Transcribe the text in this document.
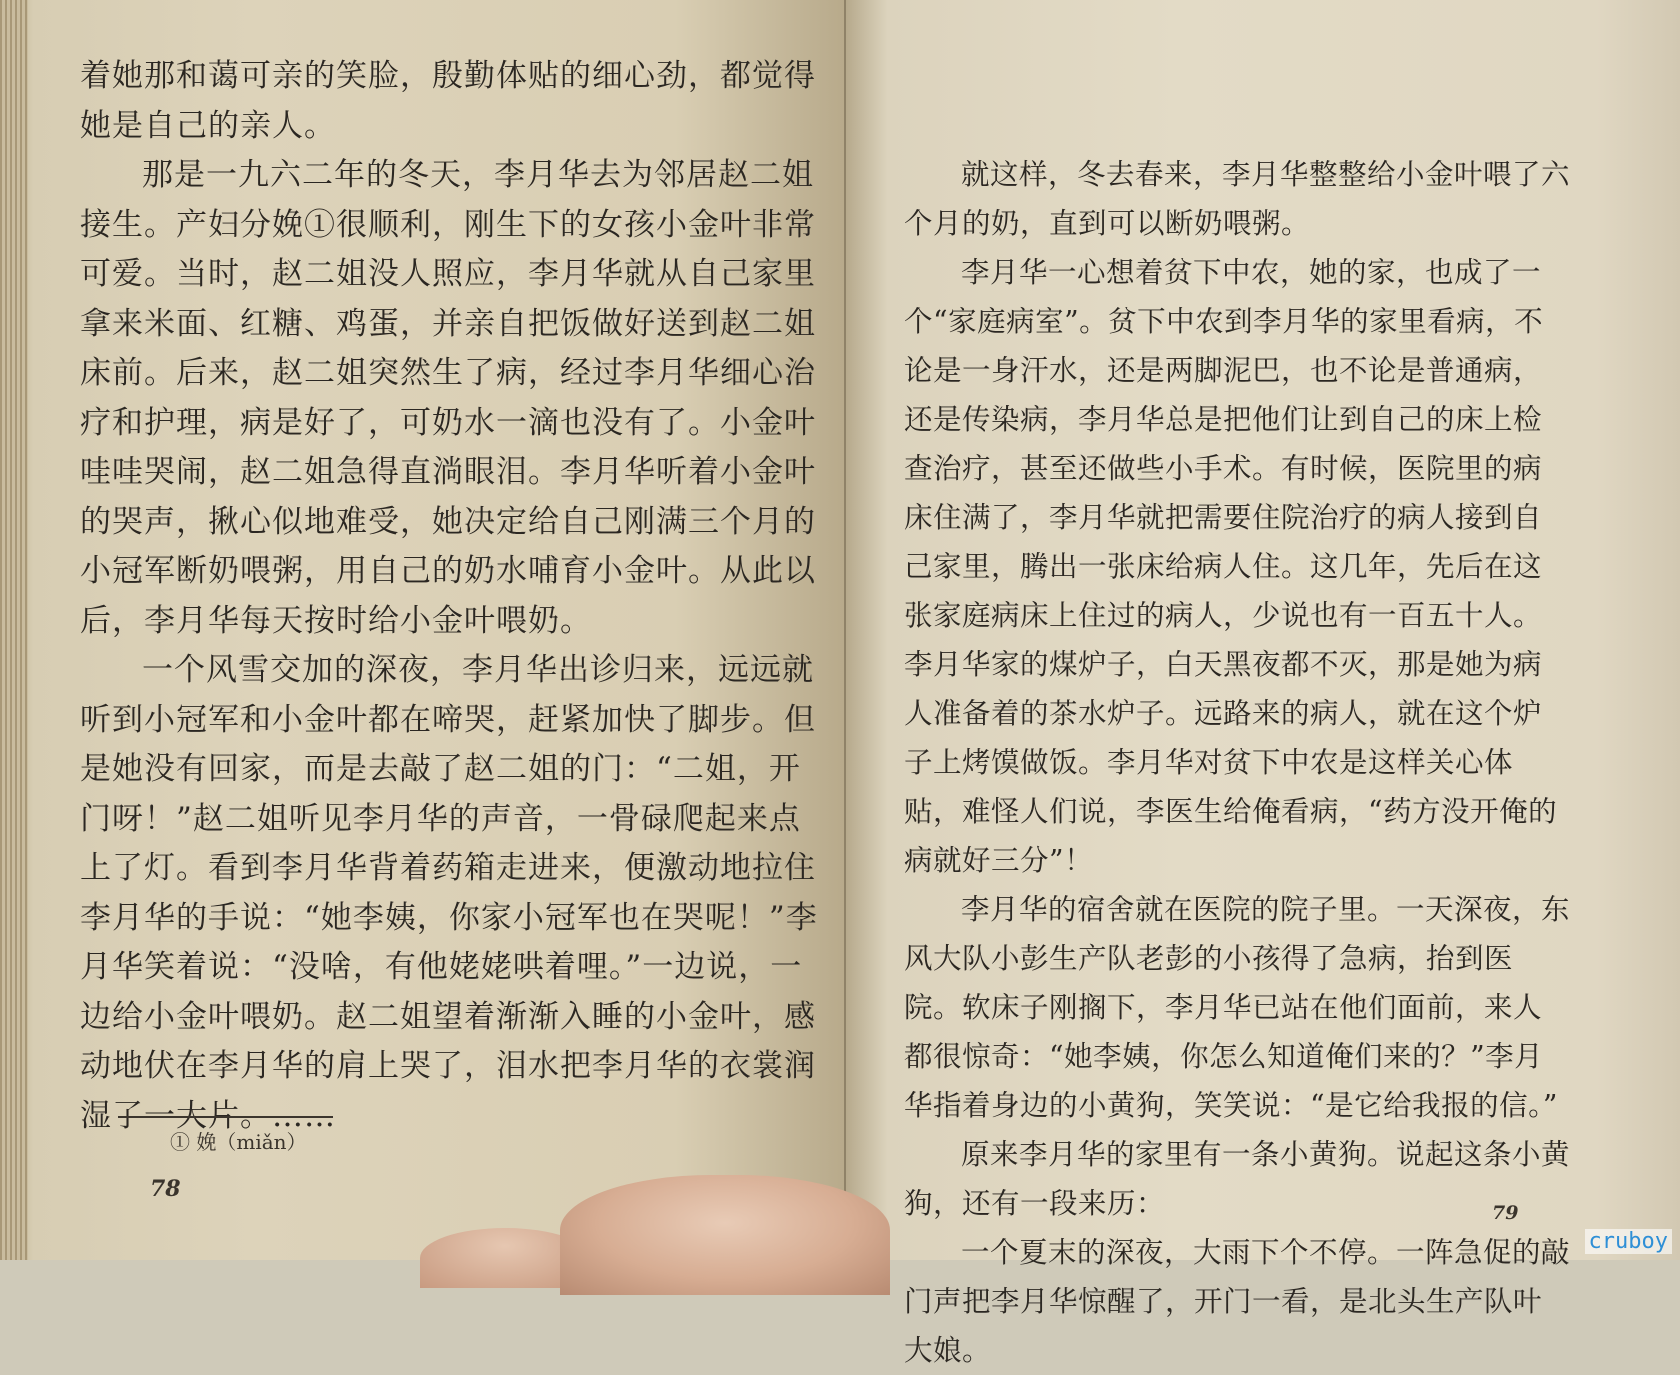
着她那和蔼可亲的笑脸，殷勤体贴的细心劲，都觉得她是自己的亲人。

那是一九六二年的冬天，李月华去为邻居赵二姐接生。产妇分娩①很顺利，刚生下的女孩小金叶非常可爱。当时，赵二姐没人照应，李月华就从自己家里拿来米面、红糖、鸡蛋，并亲自把饭做好送到赵二姐床前。后来，赵二姐突然生了病，经过李月华细心治疗和护理，病是好了，可奶水一滴也没有了。小金叶哇哇哭闹，赵二姐急得直淌眼泪。李月华听着小金叶的哭声，揪心似地难受，她决定给自己刚满三个月的小冠军断奶喂粥，用自己的奶水哺育小金叶。从此以后，李月华每天按时给小金叶喂奶。

一个风雪交加的深夜，李月华出诊归来，远远就听到小冠军和小金叶都在啼哭，赶紧加快了脚步。但是她没有回家，而是去敲了赵二姐的门：“二姐，开门呀！”赵二姐听见李月华的声音，一骨碌爬起来点上了灯。看到李月华背着药箱走进来，便激动地拉住李月华的手说：“她李姨，你家小冠军也在哭呢！”李月华笑着说：“没啥，有他姥姥哄着哩。”一边说，一边给小金叶喂奶。赵二姐望着渐渐入睡的小金叶，感动地伏在李月华的肩上哭了，泪水把李月华的衣裳润湿了一大片。……

① 娩（miǎn）
78

就这样，冬去春来，李月华整整给小金叶喂了六个月的奶，直到可以断奶喂粥。

李月华一心想着贫下中农，她的家，也成了一个“家庭病室”。贫下中农到李月华的家里看病，不论是一身汗水，还是两脚泥巴，也不论是普通病，还是传染病，李月华总是把他们让到自己的床上检查治疗，甚至还做些小手术。有时候，医院里的病床住满了，李月华就把需要住院治疗的病人接到自己家里，腾出一张床给病人住。这几年，先后在这张家庭病床上住过的病人，少说也有一百五十人。李月华家的煤炉子，白天黑夜都不灭，那是她为病人准备着的茶水炉子。远路来的病人，就在这个炉子上烤馍做饭。李月华对贫下中农是这样关心体贴，难怪人们说，李医生给俺看病，“药方没开俺的病就好三分”！

李月华的宿舍就在医院的院子里。一天深夜，东风大队小彭生产队老彭的小孩得了急病，抬到医院。软床子刚搁下，李月华已站在他们面前，来人都很惊奇：“她李姨，你怎么知道俺们来的？”李月华指着身边的小黄狗，笑笑说：“是它给我报的信。”

原来李月华的家里有一条小黄狗。说起这条小黄狗，还有一段来历：

一个夏末的深夜，大雨下个不停。一阵急促的敲门声把李月华惊醒了，开门一看，是北头生产队叶大娘。

79
cruboy
